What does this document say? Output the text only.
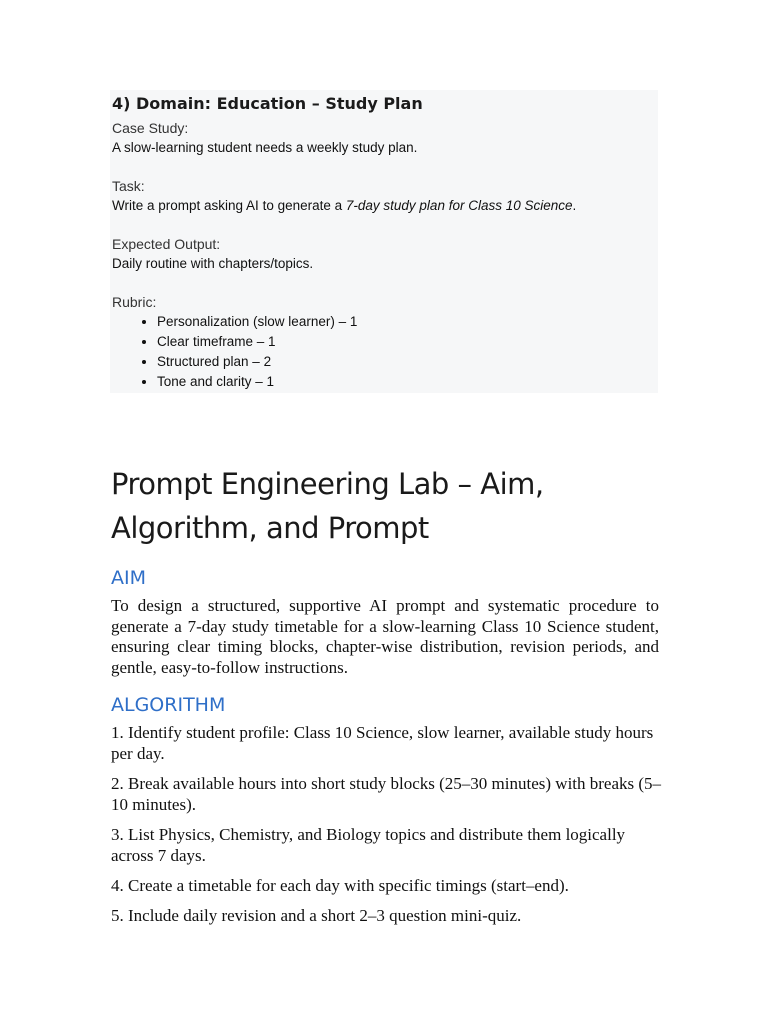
4) Domain: Education – Study Plan

Case Study:

A slow-learning student needs a weekly study plan.

Task:

Write a prompt asking AI to generate a 7-day study plan for Class 10 Science.

Expected Output:

Daily routine with chapters/topics.

Rubric:

• Personalization (slow learner) – 1
• Clear timeframe – 1
• Structured plan – 2
• Tone and clarity – 1
Prompt Engineering Lab – Aim, Algorithm, and Prompt
AIM

To design a structured, supportive AI prompt and systematic procedure to generate a 7-day study timetable for a slow-learning Class 10 Science student, ensuring clear timing blocks, chapter-wise distribution, revision periods, and gentle, easy-to-follow instructions.

ALGORITHM
1. Identify student profile: Class 10 Science, slow learner, available study hours per day.
2. Break available hours into short study blocks (25–30 minutes) with breaks (5–10 minutes).
3. List Physics, Chemistry, and Biology topics and distribute them logically across 7 days.
4. Create a timetable for each day with specific timings (start–end).
5. Include daily revision and a short 2–3 question mini-quiz.
